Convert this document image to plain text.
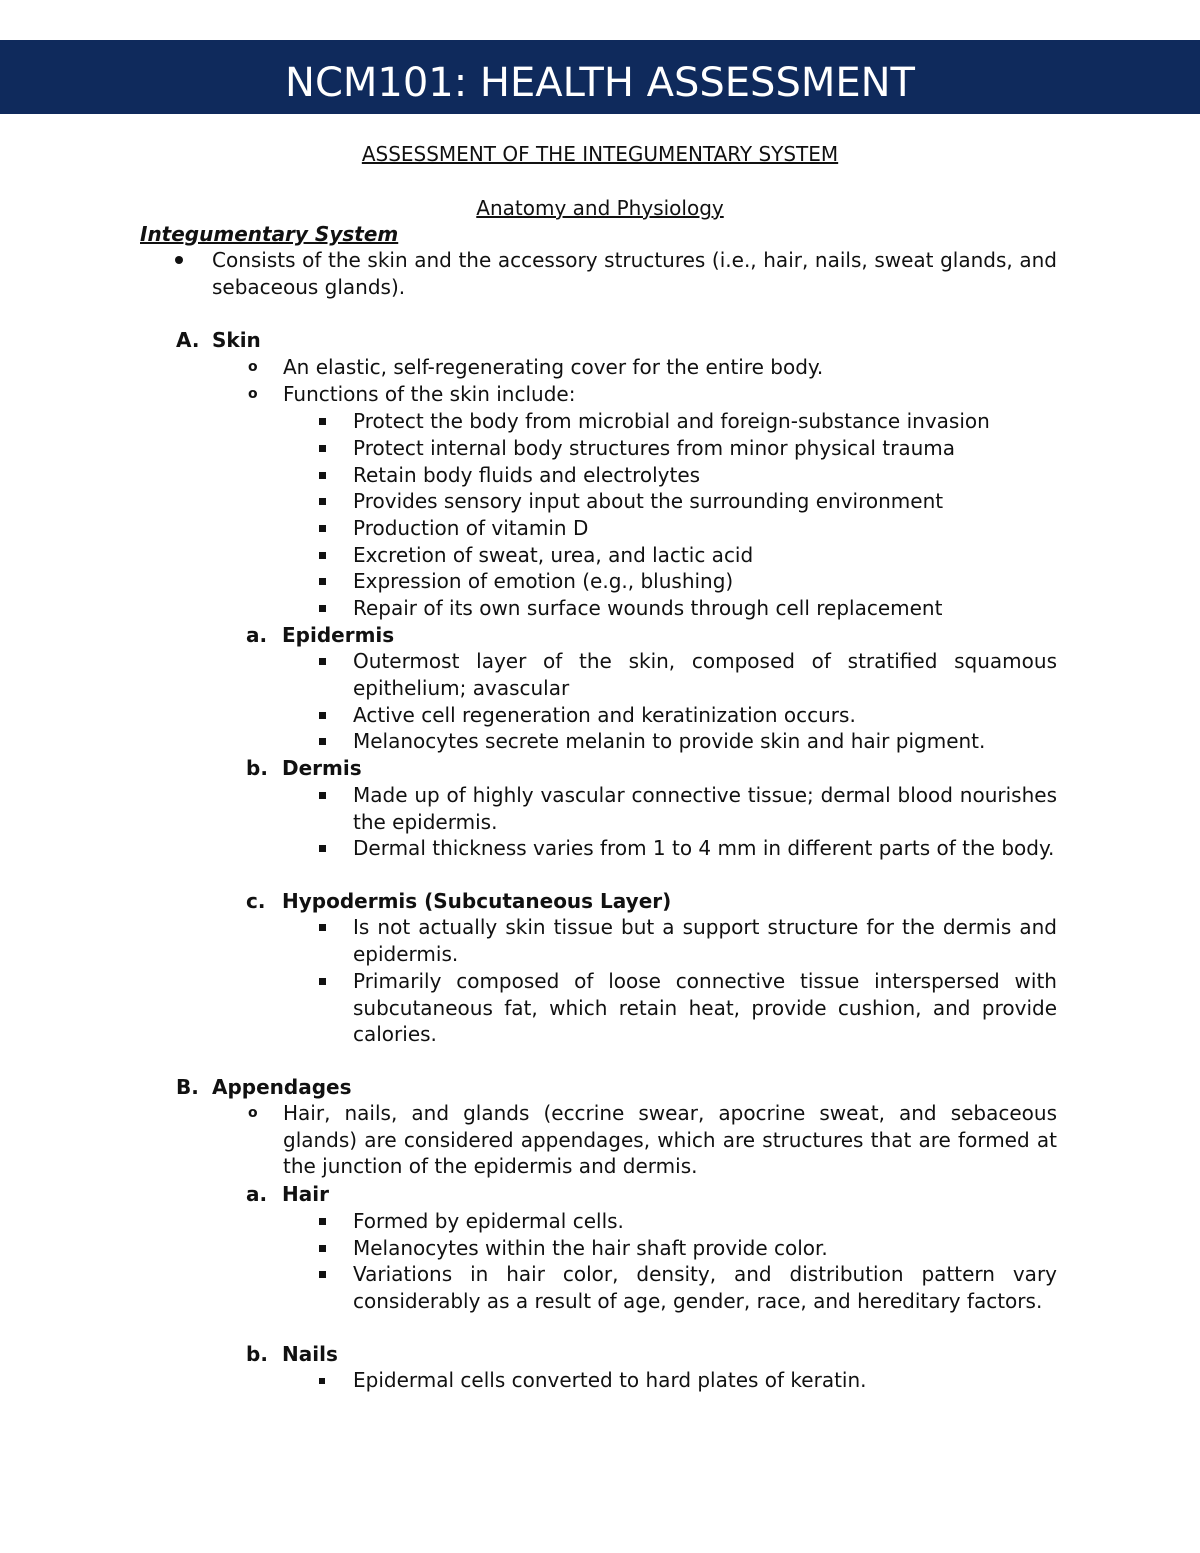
NCM101: HEALTH ASSESSMENT
ASSESSMENT OF THE INTEGUMENTARY SYSTEM
Anatomy and Physiology
Integumentary System
Consists of the skin and the accessory structures (i.e., hair, nails, sweat glands, and sebaceous glands).
A. Skin
o An elastic, self-regenerating cover for the entire body.
o Functions of the skin include:
Protect the body from microbial and foreign-substance invasion
Protect internal body structures from minor physical trauma
Retain body fluids and electrolytes
Provides sensory input about the surrounding environment
Production of vitamin D
Excretion of sweat, urea, and lactic acid
Expression of emotion (e.g., blushing)
Repair of its own surface wounds through cell replacement
a. Epidermis
Outermost layer of the skin, composed of stratified squamous epithelium; avascular
Active cell regeneration and keratinization occurs.
Melanocytes secrete melanin to provide skin and hair pigment.
b. Dermis
Made up of highly vascular connective tissue; dermal blood nourishes the epidermis.
Dermal thickness varies from 1 to 4 mm in different parts of the body.
c. Hypodermis (Subcutaneous Layer)
Is not actually skin tissue but a support structure for the dermis and epidermis.
Primarily composed of loose connective tissue interspersed with subcutaneous fat, which retain heat, provide cushion, and provide calories.
B. Appendages
o Hair, nails, and glands (eccrine swear, apocrine sweat, and sebaceous glands) are considered appendages, which are structures that are formed at the junction of the epidermis and dermis.
a. Hair
Formed by epidermal cells.
Melanocytes within the hair shaft provide color.
Variations in hair color, density, and distribution pattern vary considerably as a result of age, gender, race, and hereditary factors.
b. Nails
Epidermal cells converted to hard plates of keratin.
